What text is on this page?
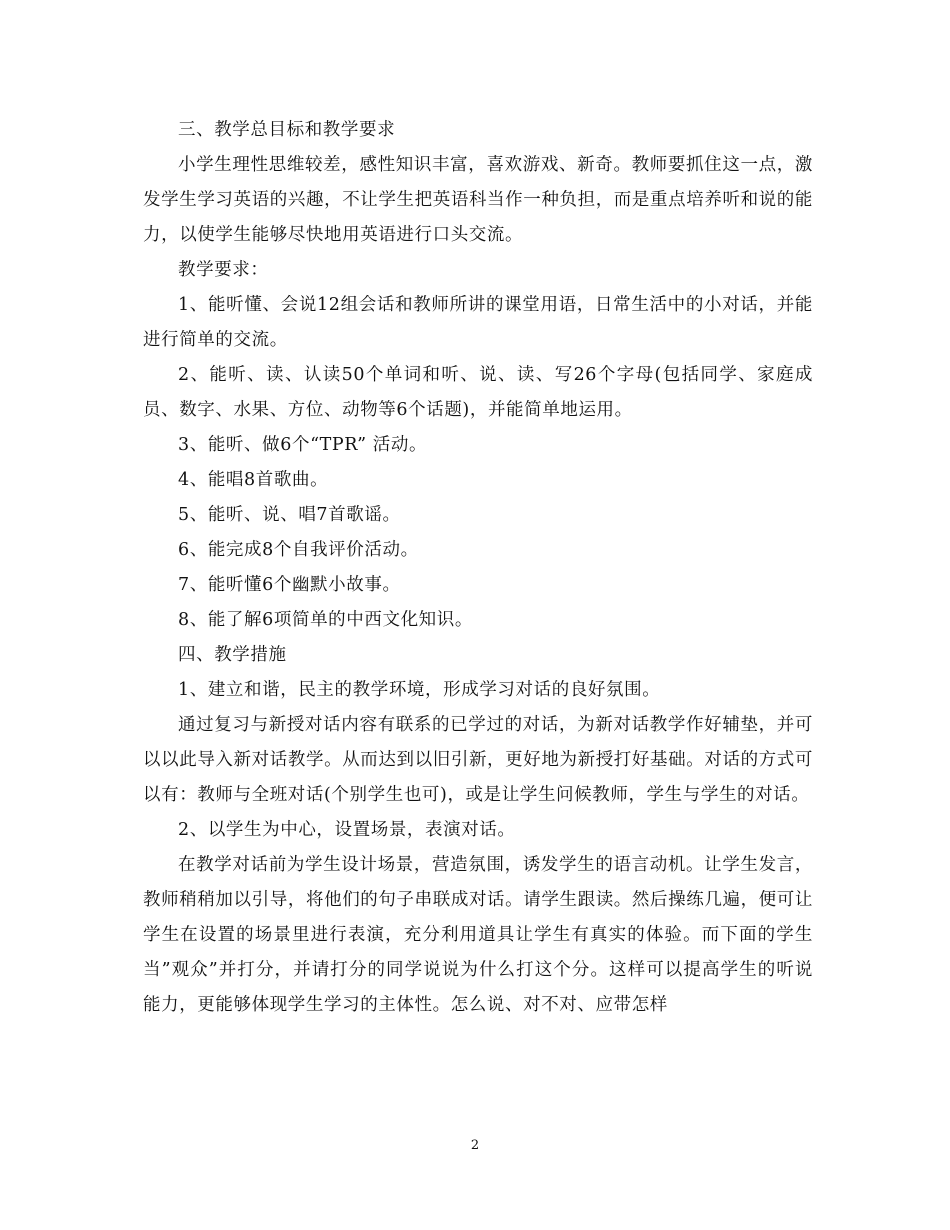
三、教学总目标和教学要求

小学生理性思维较差，感性知识丰富，喜欢游戏、新奇。教师要抓住这一点，激发学生学习英语的兴趣，不让学生把英语科当作一种负担，而是重点培养听和说的能力，以使学生能够尽快地用英语进行口头交流。

教学要求：

1、能听懂、会说12组会话和教师所讲的课堂用语，日常生活中的小对话，并能进行简单的交流。

2、能听、读、认读50个单词和听、说、读、写26个字母(包括同学、家庭成员、数字、水果、方位、动物等6个话题)，并能简单地运用。

3、能听、做6个“TPR” 活动。

4、能唱8首歌曲。

5、能听、说、唱7首歌谣。

6、能完成8个自我评价活动。

7、能听懂6个幽默小故事。

8、能了解6项简单的中西文化知识。

四、教学措施

1、建立和谐，民主的教学环境，形成学习对话的良好氛围。

通过复习与新授对话内容有联系的已学过的对话，为新对话教学作好辅垫，并可以以此导入新对话教学。从而达到以旧引新，更好地为新授打好基础。对话的方式可以有：教师与全班对话(个别学生也可)，或是让学生问候教师，学生与学生的对话。

2、以学生为中心，设置场景，表演对话。

在教学对话前为学生设计场景，营造氛围，诱发学生的语言动机。让学生发言，教师稍稍加以引导，将他们的句子串联成对话。请学生跟读。然后操练几遍，便可让学生在设置的场景里进行表演，充分利用道具让学生有真实的体验。而下面的学生当”观众”并打分，并请打分的同学说说为什么打这个分。这样可以提高学生的听说能力，更能够体现学生学习的主体性。怎么说、对不对、应带怎样

2
